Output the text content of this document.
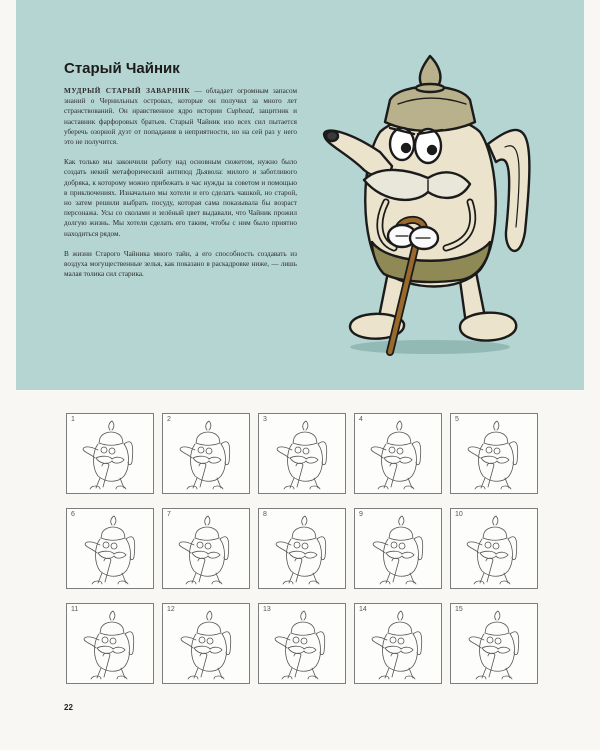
Старый Чайник

МУДРЫЙ СТАРЫЙ ЗАВАРНИК — обладает огромным запасом знаний о Чернильных островах, которые он получил за много лет странствований. Он нравственное ядро истории Cuphead, защитник и наставник фарфоровых братьев. Старый Чайник изо всех сил пытается уберечь озорной дуэт от попадания в неприятности, но на сей раз у него это не получится.

Как только мы закончили работу над основным сюжетом, нужно было создать некий метафорический антипод Дьявола: милого и заботливого добряка, к которому можно прибежать в час нужды за советом и помощью в приключениях. Изначально мы хотели и его сделать чашкой, но старой, но затем решили выбрать посуду, которая сама показывала бы возраст персонажа. Усы со сколами и зелёный цвет выдавали, что Чайник прожил долгую жизнь. Мы хотели сделать его таким, чтобы с ним было приятно находиться рядом.

В жизни Старого Чайника много тайн, а его способность создавать из воздуха могущественные зелья, как показано в раскадровке ниже, — лишь малая толика сил старика.

1	2	3	4	5
6	7	8	9	10
11	12	13	14	15
22
